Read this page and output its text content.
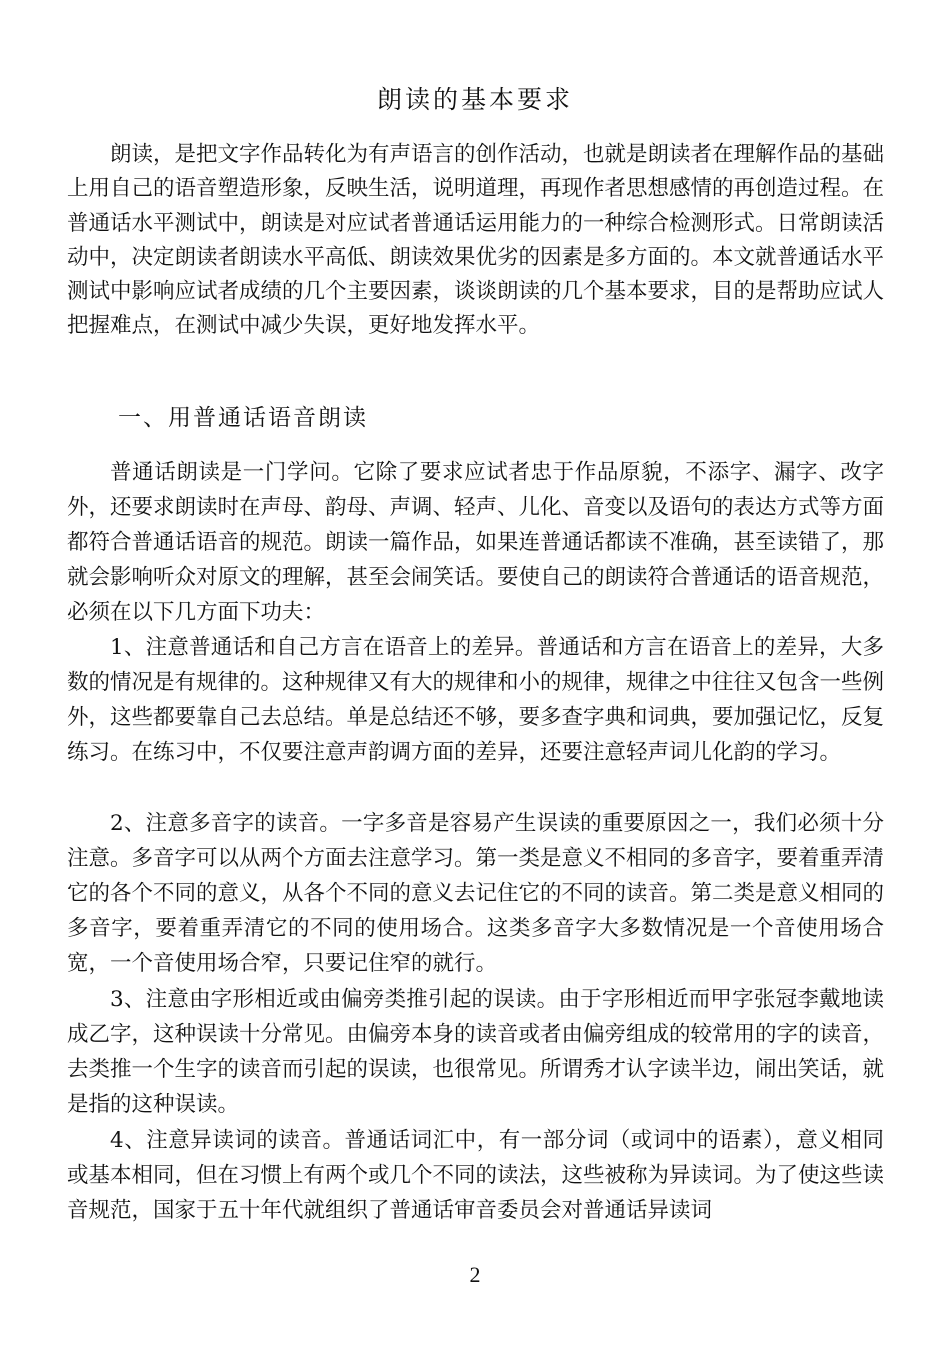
朗读的基本要求

朗读，是把文字作品转化为有声语言的创作活动，也就是朗读者在理解作品的基础上用自己的语音塑造形象，反映生活，说明道理，再现作者思想感情的再创造过程。在普通话水平测试中，朗读是对应试者普通话运用能力的一种综合检测形式。日常朗读活动中，决定朗读者朗读水平高低、朗读效果优劣的因素是多方面的。本文就普通话水平测试中影响应试者成绩的几个主要因素，谈谈朗读的几个基本要求，目的是帮助应试人把握难点，在测试中减少失误，更好地发挥水平。

一、用普通话语音朗读

普通话朗读是一门学问。它除了要求应试者忠于作品原貌，不添字、漏字、改字外，还要求朗读时在声母、韵母、声调、轻声、儿化、音变以及语句的表达方式等方面都符合普通话语音的规范。朗读一篇作品，如果连普通话都读不准确，甚至读错了，那就会影响听众对原文的理解，甚至会闹笑话。要使自己的朗读符合普通话的语音规范，必须在以下几方面下功夫：

1、注意普通话和自己方言在语音上的差异。普通话和方言在语音上的差异，大多数的情况是有规律的。这种规律又有大的规律和小的规律，规律之中往往又包含一些例外，这些都要靠自己去总结。单是总结还不够，要多查字典和词典，要加强记忆，反复练习。在练习中，不仅要注意声韵调方面的差异，还要注意轻声词儿化韵的学习。

2、注意多音字的读音。一字多音是容易产生误读的重要原因之一，我们必须十分注意。多音字可以从两个方面去注意学习。第一类是意义不相同的多音字，要着重弄清它的各个不同的意义，从各个不同的意义去记住它的不同的读音。第二类是意义相同的多音字，要着重弄清它的不同的使用场合。这类多音字大多数情况是一个音使用场合宽，一个音使用场合窄，只要记住窄的就行。

3、注意由字形相近或由偏旁类推引起的误读。由于字形相近而甲字张冠李戴地读成乙字，这种误读十分常见。由偏旁本身的读音或者由偏旁组成的较常用的字的读音，去类推一个生字的读音而引起的误读，也很常见。所谓秀才认字读半边，闹出笑话，就是指的这种误读。

4、注意异读词的读音。普通话词汇中，有一部分词（或词中的语素），意义相同或基本相同，但在习惯上有两个或几个不同的读法，这些被称为异读词。为了使这些读音规范，国家于五十年代就组织了普通话审音委员会对普通话异读词

2
